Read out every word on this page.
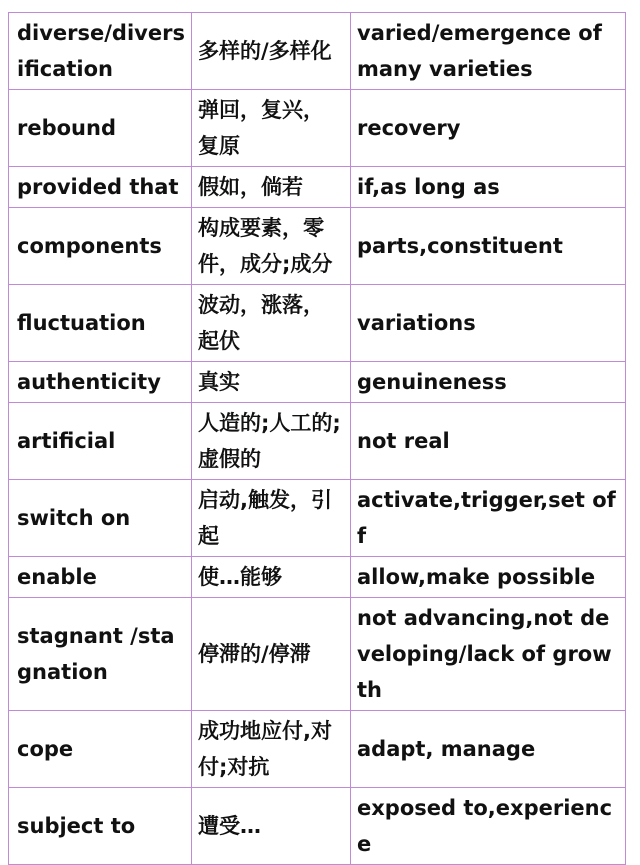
diverse/diversification	多样的/多样化	varied/emergence of many varieties
rebound	弹回，复兴，复原	recovery
provided that	假如，倘若	if,as long as
components	构成要素，零件，成分;成分	parts,constituent
fluctuation	波动，涨落，起伏	variations
authenticity	真实	genuineness
artificial	人造的;人工的;虚假的	not real
switch on	启动,触发，引起	activate,trigger,set off
enable	使…能够	allow,make possible
stagnant /stagnation	停滞的/停滞	not advancing,not developing/lack of growth
cope	成功地应付,对付;对抗	adapt, manage
subject to	遭受…	exposed to,experience
